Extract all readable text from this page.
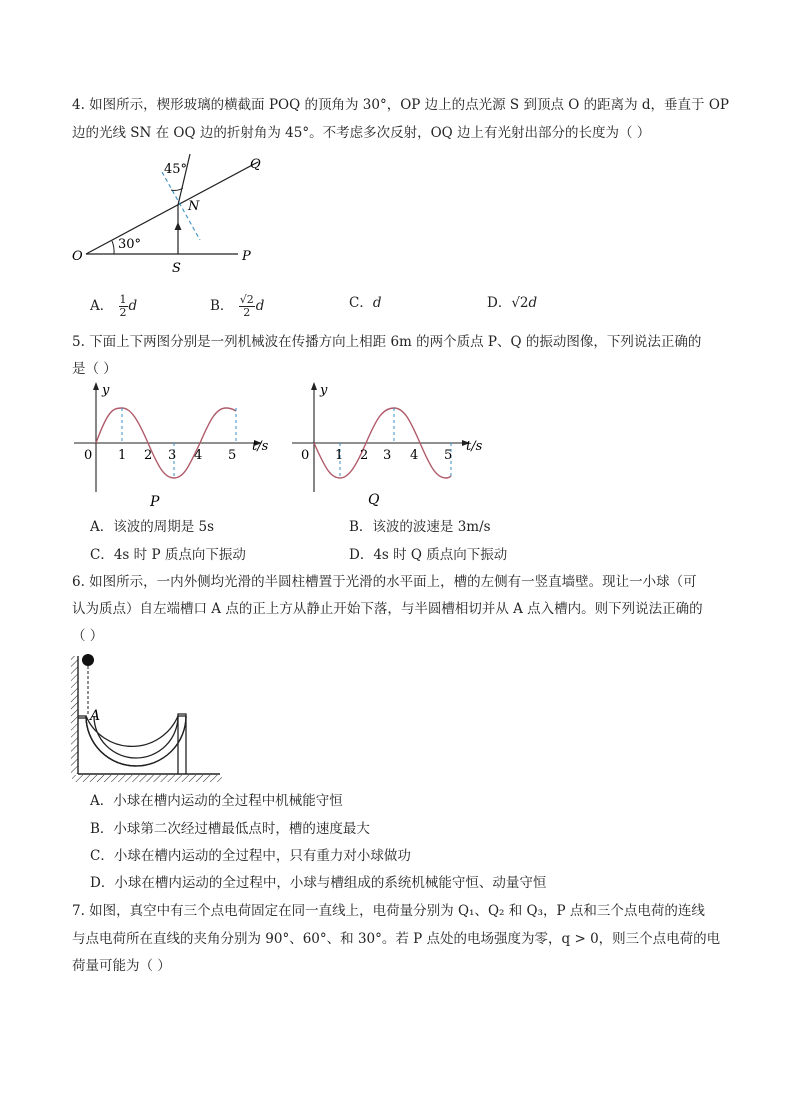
4. 如图所示，楔形玻璃的横截面 POQ 的顶角为 30°，OP 边上的点光源 S 到顶点 O 的距离为 d，垂直于 OP
边的光线 SN 在 OQ 边的折射角为 45°。不考虑多次反射，OQ 边上有光射出部分的长度为（ ）
45°
30°
O	P
Q
S
N
A． $\frac{1}{2}$ d	B． $\frac{√2}{2}$ d	C．d	D．√2d
5. 下面上下两图分别是一列机械波在传播方向上相距 6m 的两个质点 P、Q 的振动图像，下列说法正确的
是（ ）
y
t/s
0 1 2 3 4 5
P
y
t/s
0 1 2 3 4 5
Q
A．该波的周期是 5s	B．该波的波速是 3m/s
C．4s 时 P 质点向下振动	D．4s 时 Q 质点向下振动
6. 如图所示，一内外侧均光滑的半圆柱槽置于光滑的水平面上，槽的左侧有一竖直墙壁。现让一小球（可
认为质点）自左端槽口 A 点的正上方从静止开始下落，与半圆槽相切并从 A 点入槽内。则下列说法正确的
（ ）
A
A．小球在槽内运动的全过程中机械能守恒
B．小球第二次经过槽最低点时，槽的速度最大
C．小球在槽内运动的全过程中，只有重力对小球做功
D．小球在槽内运动的全过程中，小球与槽组成的系统机械能守恒、动量守恒
7. 如图，真空中有三个点电荷固定在同一直线上，电荷量分别为 Q₁、Q₂ 和 Q₃，P 点和三个点电荷的连线
与点电荷所在直线的夹角分别为 90°、60°、和 30°。若 P 点处的电场强度为零，q > 0，则三个点电荷的电
荷量可能为（ ）
